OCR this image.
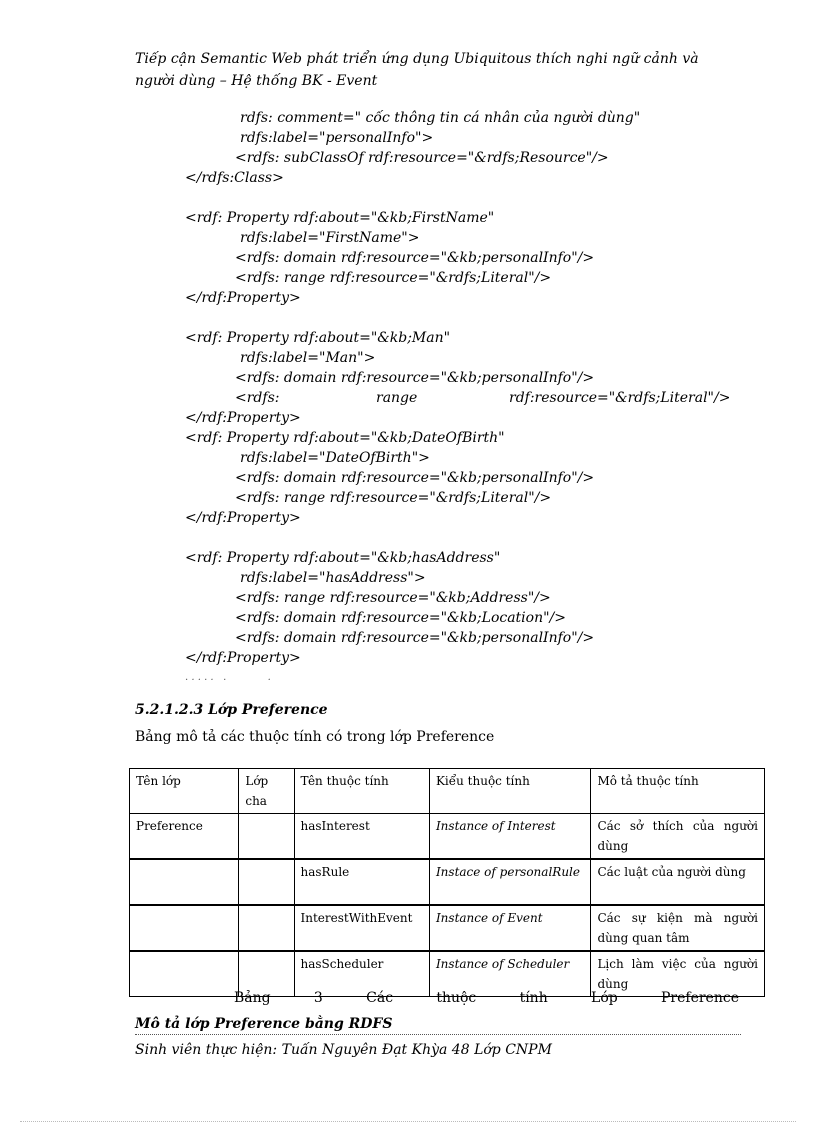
Tiếp cận Semantic Web phát triển ứng dụng Ubiquitous thích nghi ngữ cảnh và người dùng – Hệ thống BK - Event
rdfs: comment=" cốc thông tin cá nhân của người dùng"
rdfs:label="personalInfo">
<rdfs: subClassOf rdf:resource="&rdfs;Resource"/>
</rdfs:Class>
<rdf: Property rdf:about="&kb;FirstName"
rdfs:label="FirstName">
<rdfs: domain rdf:resource="&kb;personalInfo"/>
<rdfs: range rdf:resource="&rdfs;Literal"/>
</rdf:Property>
<rdf: Property rdf:about="&kb;Man"
rdfs:label="Man">
<rdfs: domain rdf:resource="&kb;personalInfo"/>
<rdfs:	range	rdf:resource="&rdfs;Literal"/>
</rdf:Property>
<rdf: Property rdf:about="&kb;DateOfBirth"
rdfs:label="DateOfBirth">
<rdfs: domain rdf:resource="&kb;personalInfo"/>
<rdfs: range rdf:resource="&rdfs;Literal"/>
</rdf:Property>
<rdf: Property rdf:about="&kb;hasAddress"
rdfs:label="hasAddress">
<rdfs: range rdf:resource="&kb;Address"/>
<rdfs: domain rdf:resource="&kb;Location"/>
<rdfs: domain rdf:resource="&kb;personalInfo"/>
</rdf:Property>
. . . . .   .             .
5.2.1.2.3 Lớp Preference
Bảng mô tả các thuộc tính có trong lớp Preference
Tên lớp	Lớp cha	Tên thuộc tính	Kiểu thuộc tính	Mô tả thuộc tính
Preference		hasInterest	Instance of Interest	Các sở thích của người dùng
		hasRule	Instace of personalRule	Các luật của người dùng
		InterestWithEvent	Instance of Event	Các sự kiện mà người dùng quan tâm
		hasScheduler	Instance of Scheduler	Lịch làm việc của người dùng
Bảng	3	Các	thuộc	tính	Lớp	Preference
Mô tả lớp Preference bằng RDFS
Sinh viên thực hiện: Tuấn Nguyên Đạt Khỳa 48 Lớp CNPM
